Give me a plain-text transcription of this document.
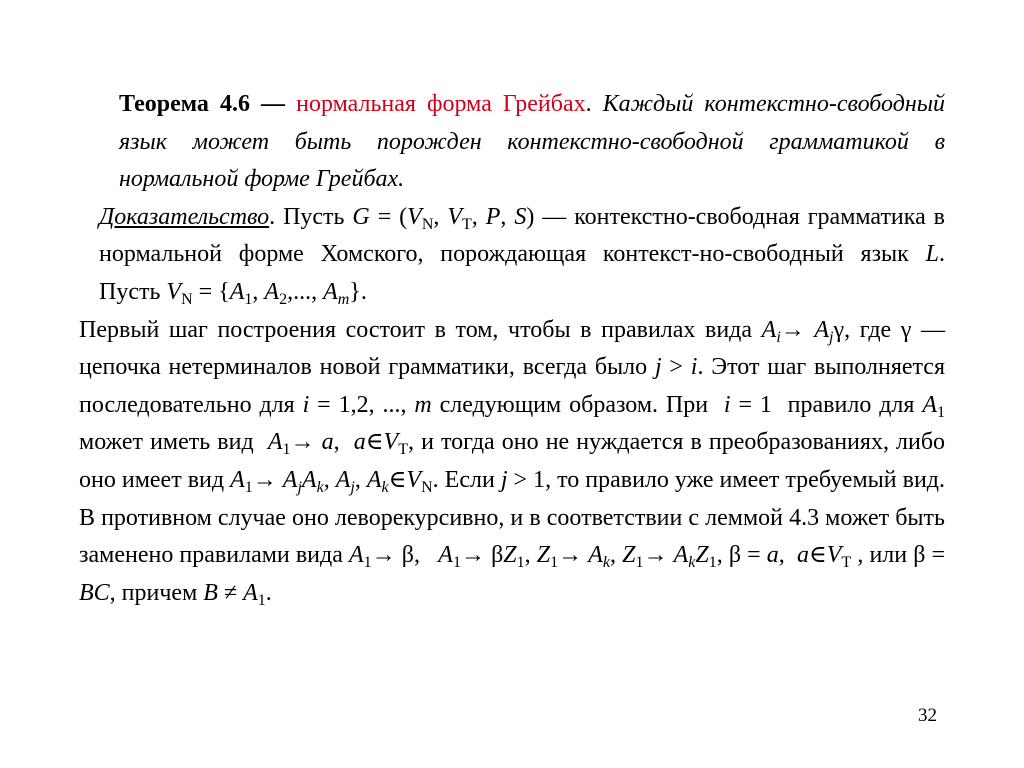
Теорема 4.6 — нормальная форма Грейбах. Каждый контекстно-свободный язык может быть порожден контекстно-свободной грамматикой в нормальной форме Грейбах.

Доказательство. Пусть $G = (V_N$, $V_T$, P, S) — контекстно-свободная грамматика в нормальной форме Хомского, порождающая контекст-но-свободный язык L. Пусть $V_N = \{A_1$, $A_2$,..., $A_m$}.

Первый шаг построения состоит в том, чтобы в правилах вида $A_i\to A_j\gamma$, где γ — цепочка нетерминалов новой грамматики, всегда было j > i. Этот шаг выполняется последовательно для i = 1,2, ..., m следующим образом. При i = 1  правило для $A_1$ может иметь вид $A_1\to a$,  $a\in V_T$, и тогда оно не нуждается в преобразованиях, либо оно имеет вид $A_1\to A_jA_k$, $A_j$, $A_k\in V_N$. Если j > 1, то правило уже имеет требуемый вид. В противном случае оно леворекурсивно, и в соответствии с леммой 4.3 может быть заменено правилами вида $A_1\to \beta$,   $A_1\to \beta Z_1$, $Z_1\to A_k$, $Z_1\to A_kZ_1$, β = a,  $a\in V_T$ , или β = BC, причем $B \ne A_1$.

32
